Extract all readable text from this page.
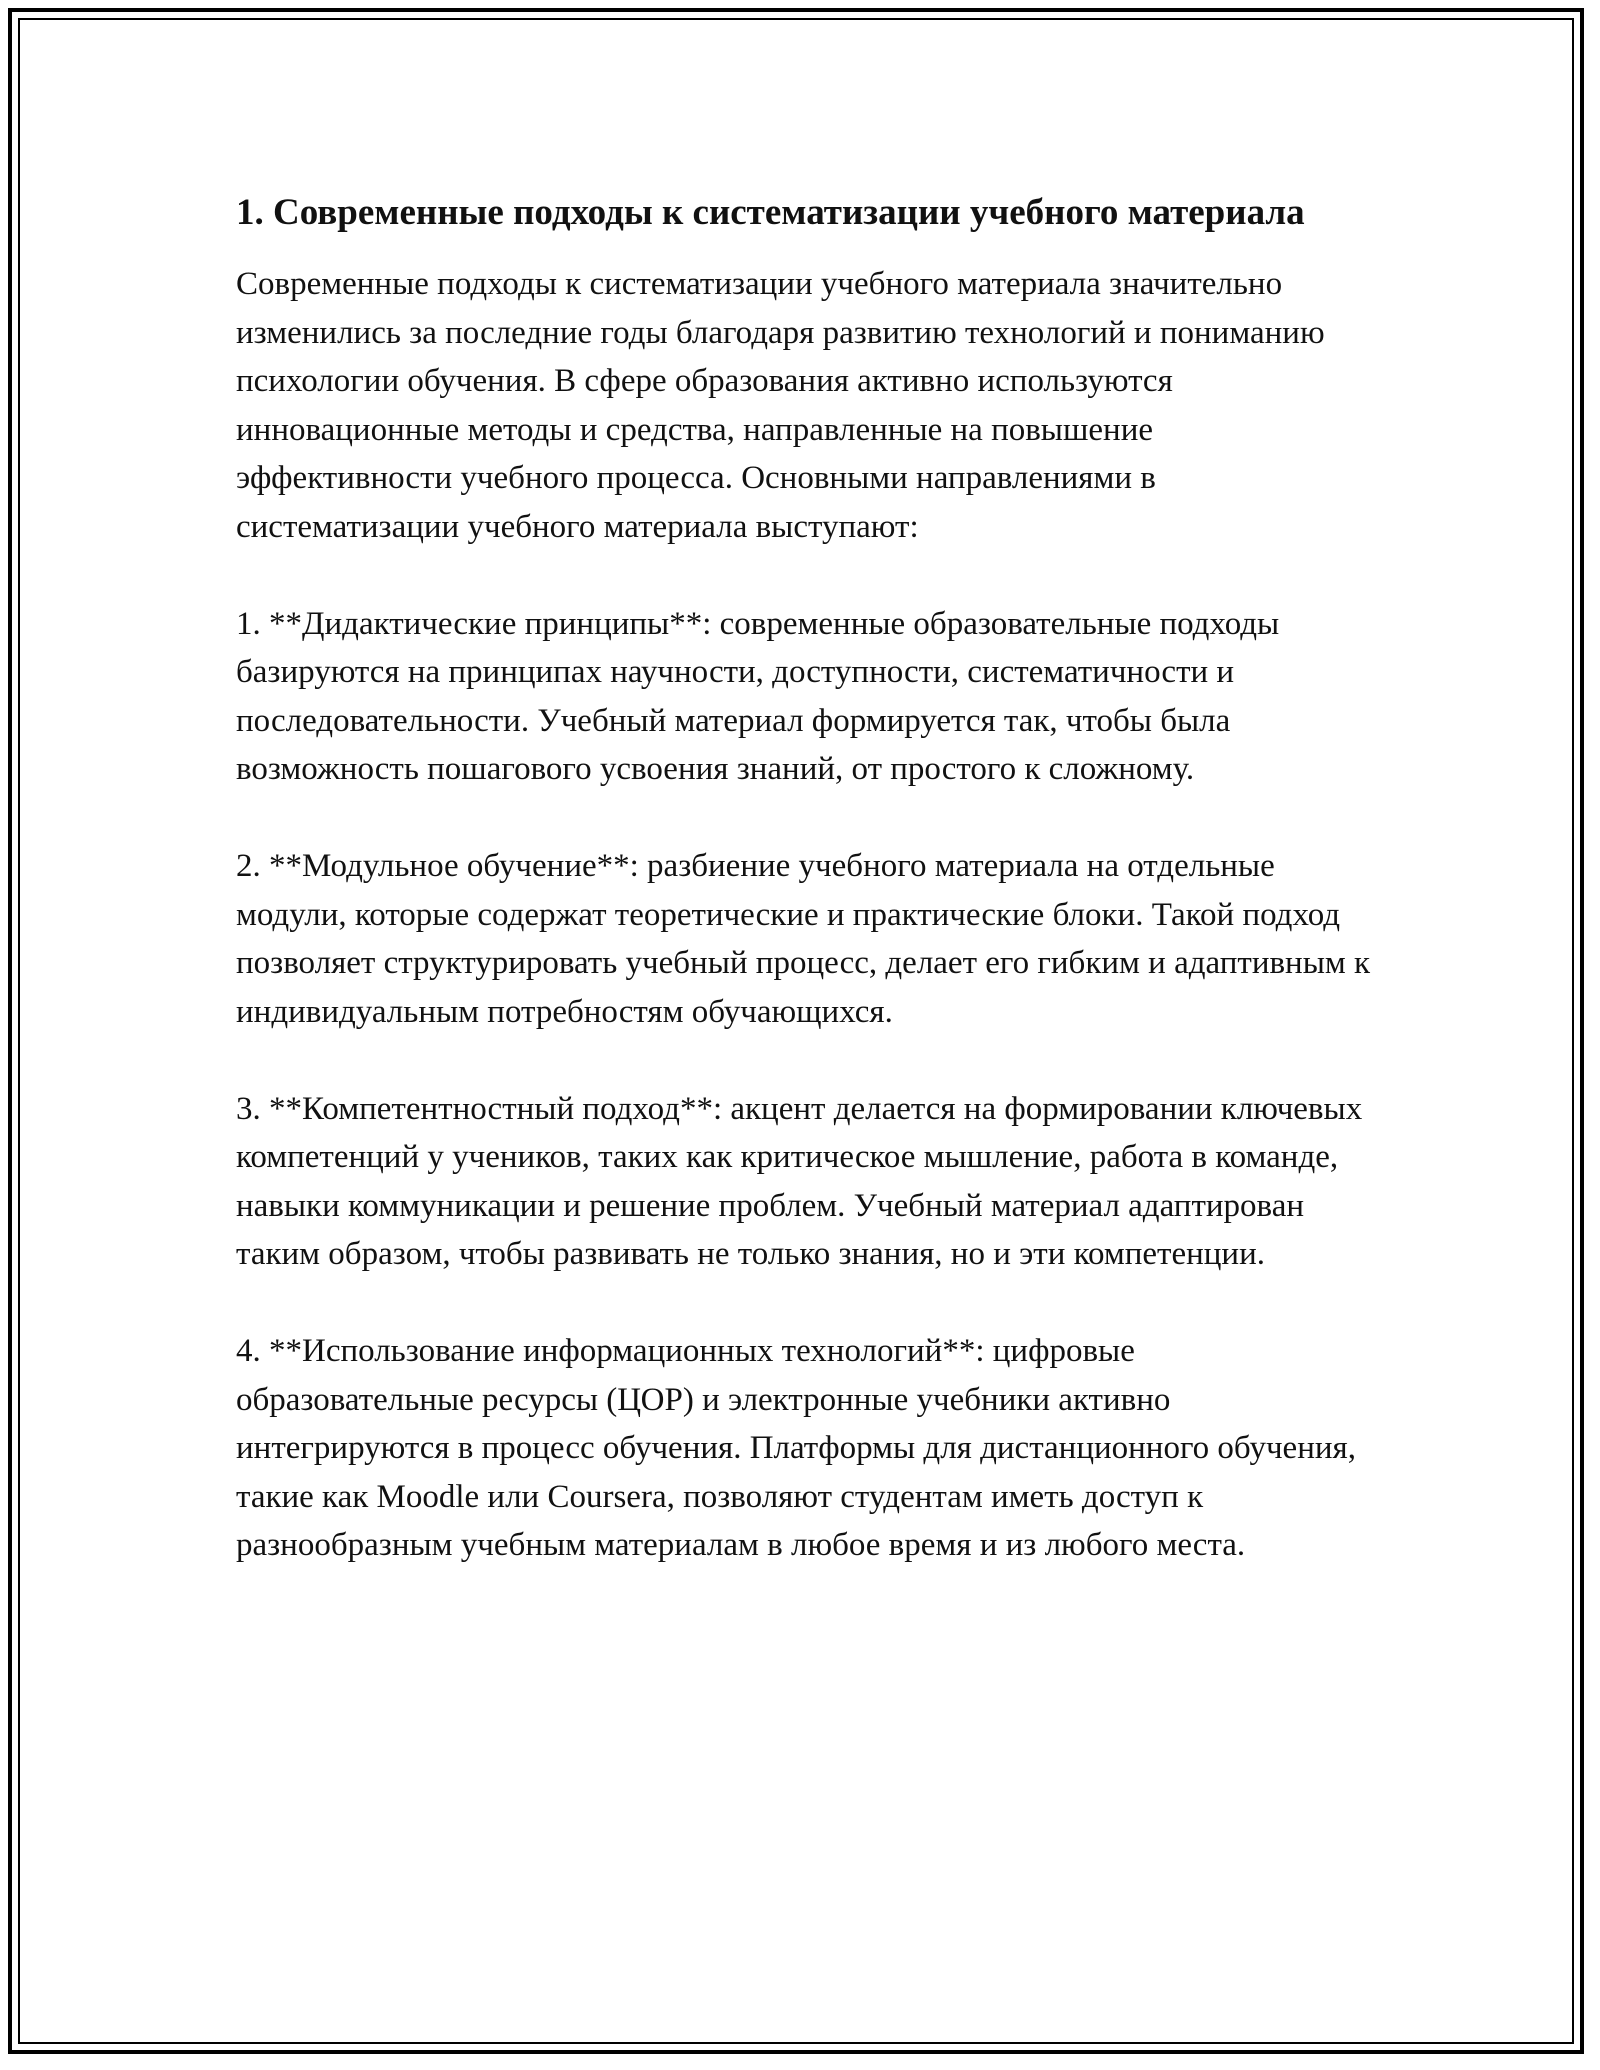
1. Современные подходы к систематизации учебного материала

Современные подходы к систематизации учебного материала значительно изменились за последние годы благодаря развитию технологий и пониманию психологии обучения. В сфере образования активно используются инновационные методы и средства, направленные на повышение эффективности учебного процесса. Основными направлениями в систематизации учебного материала выступают:

1. **Дидактические принципы**: современные образовательные подходы базируются на принципах научности, доступности, систематичности и последовательности. Учебный материал формируется так, чтобы была возможность пошагового усвоения знаний, от простого к сложному.

2. **Модульное обучение**: разбиение учебного материала на отдельные модули, которые содержат теоретические и практические блоки. Такой подход позволяет структурировать учебный процесс, делает его гибким и адаптивным к индивидуальным потребностям обучающихся.

3. **Компетентностный подход**: акцент делается на формировании ключевых компетенций у учеников, таких как критическое мышление, работа в команде, навыки коммуникации и решение проблем. Учебный материал адаптирован таким образом, чтобы развивать не только знания, но и эти компетенции.

4. **Использование информационных технологий**: цифровые образовательные ресурсы (ЦОР) и электронные учебники активно интегрируются в процесс обучения. Платформы для дистанционного обучения, такие как Moodle или Coursera, позволяют студентам иметь доступ к разнообразным учебным материалам в любое время и из любого места.
